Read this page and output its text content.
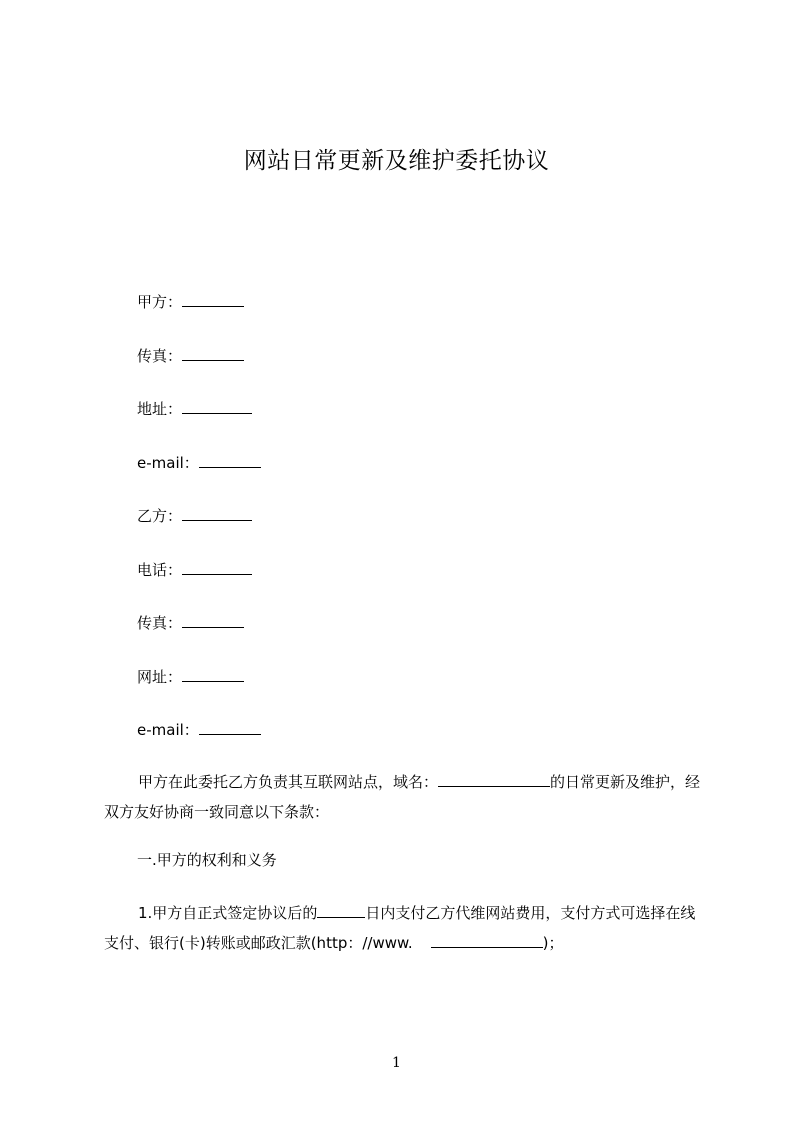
网站日常更新及维护委托协议
甲方：
传真：
地址：
e-mail：
乙方：
电话：
传真：
网址：
e-mail：
甲方在此委托乙方负责其互联网站点，域名：	的日常更新及维护，经双方友好协商一致同意以下条款：
一.甲方的权利和义务
1.甲方自正式签定协议后的	日内支付乙方代维网站费用，支付方式可选择在线支付、银行(卡)转账或邮政汇款(http：//www.	)；
1
